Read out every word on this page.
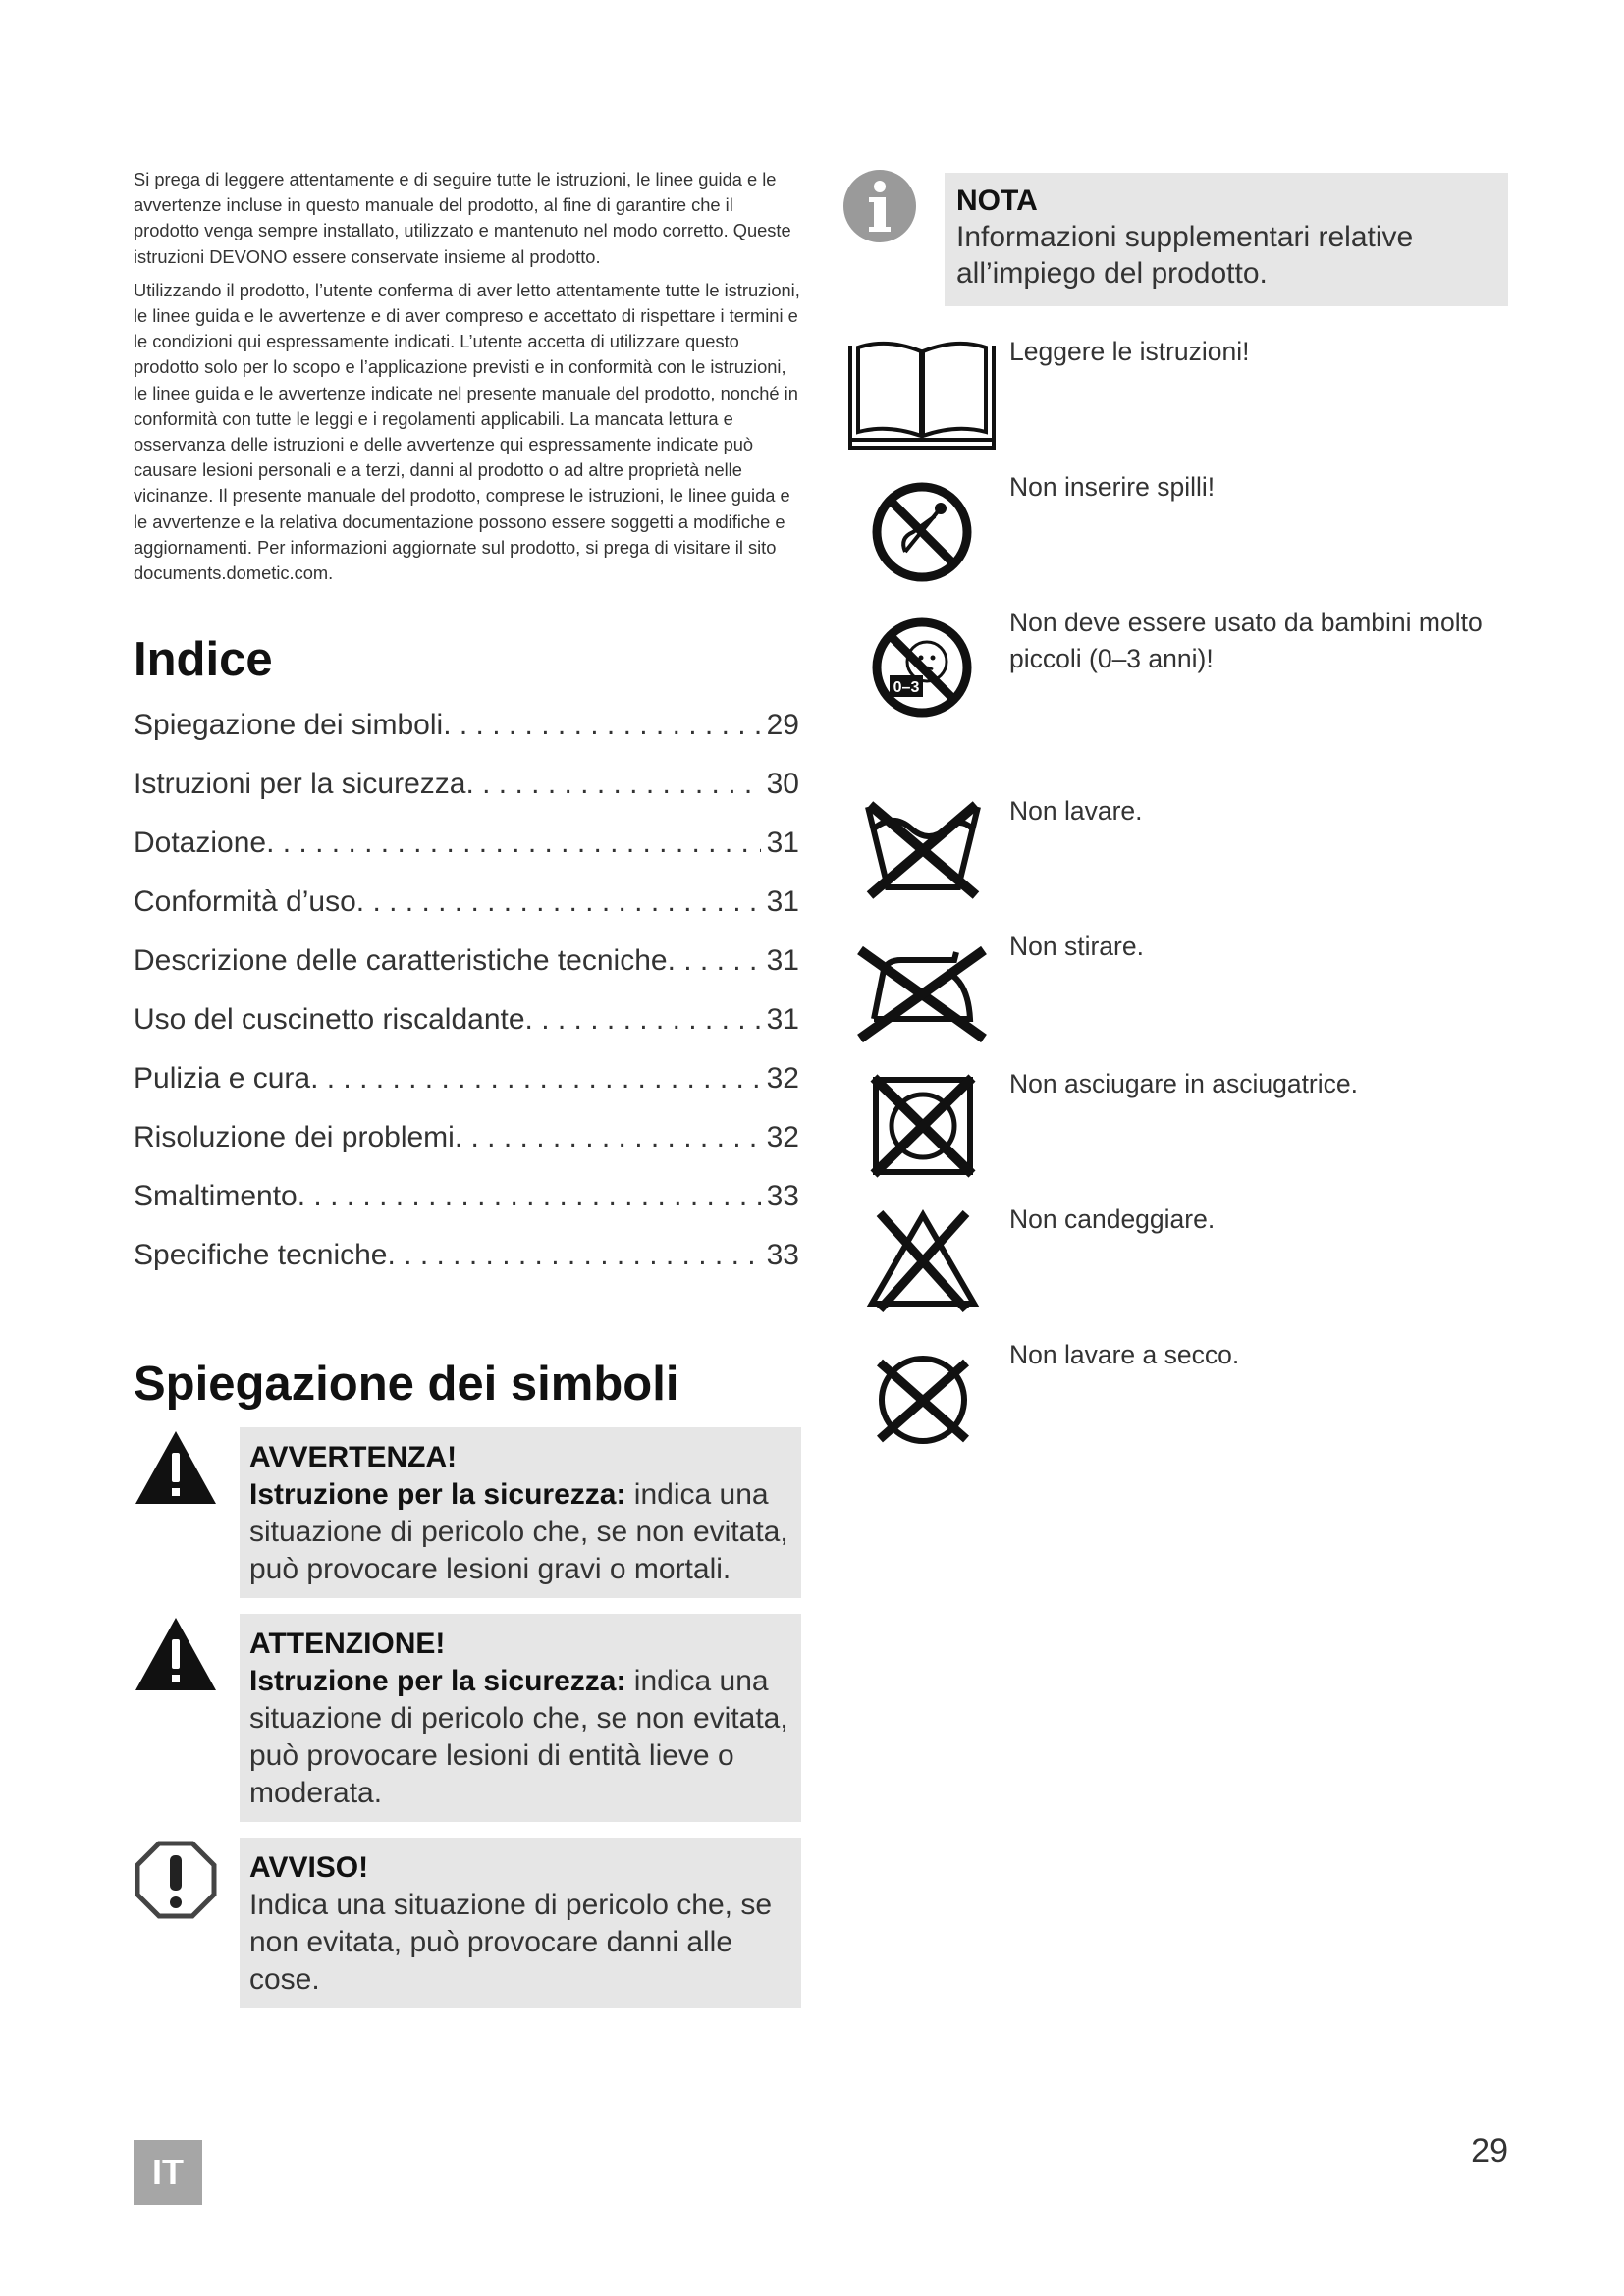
Si prega di leggere attentamente e di seguire tutte le istruzioni, le linee guida e le avvertenze incluse in questo manuale del prodotto, al fine di garantire che il prodotto venga sempre installato, utilizzato e mantenuto nel modo corretto. Queste istruzioni DEVONO essere conservate insieme al prodotto.

Utilizzando il prodotto, l’utente conferma di aver letto attentamente tutte le istruzioni, le linee guida e le avvertenze e di aver compreso e accettato di rispettare i termini e le condizioni qui espressamente indicati. L’utente accetta di utilizzare questo prodotto solo per lo scopo e l’applicazione previsti e in conformità con le istruzioni, le linee guida e le avvertenze indicate nel presente manuale del prodotto, nonché in conformità con tutte le leggi e i regolamenti applicabili. La mancata lettura e osservanza delle istruzioni e delle avvertenze qui espressamente indicate può causare lesioni personali e a terzi, danni al prodotto o ad altre proprietà nelle vicinanze. Il presente manuale del prodotto, comprese le istruzioni, le linee guida e le avvertenze e la relativa documentazione possono essere soggetti a modifiche e aggiornamenti. Per informazioni aggiornate sul prodotto, si prega di visitare il sito documents.dometic.com.

Indice
Spiegazione dei simboli . . .	29
Istruzioni per la sicurezza . . .	30
Dotazione . . .	31
Conformità d’uso . . .	31
Descrizione delle caratteristiche tecniche . . .	31
Uso del cuscinetto riscaldante . . .	31
Pulizia e cura . . .	32
Risoluzione dei problemi . . .	32
Smaltimento . . .	33
Specifiche tecniche . . .	33
Spiegazione dei simboli
AVVERTENZA!
Istruzione per la sicurezza: indica una situazione di pericolo che, se non evitata, può provocare lesioni gravi o mortali.
ATTENZIONE!
Istruzione per la sicurezza: indica una situazione di pericolo che, se non evitata, può provocare lesioni di entità lieve o moderata.
AVVISO!
Indica una situazione di pericolo che, se non evitata, può provocare danni alle cose.
NOTA
Informazioni supplementari relative all’impiego del prodotto.
Leggere le istruzioni!
Non inserire spilli!
0–3
Non deve essere usato da bambini molto piccoli (0–3 anni)!
Non lavare.
Non stirare.
Non asciugare in asciugatrice.
Non candeggiare.
Non lavare a secco.
IT
29
